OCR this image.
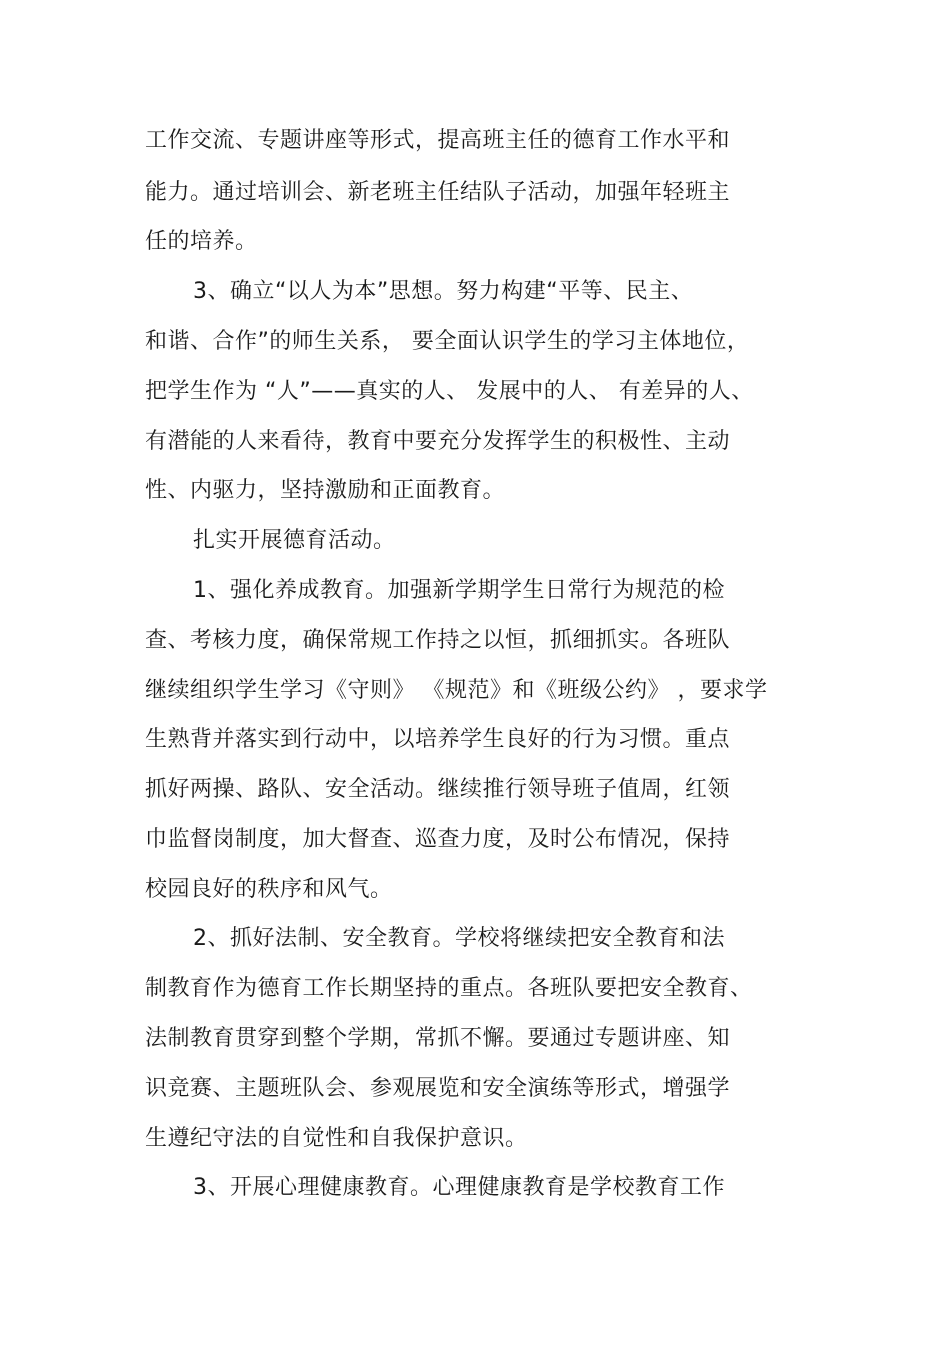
工作交流、专题讲座等形式，提高班主任的德育工作水平和
能力。通过培训会、新老班主任结队子活动，加强年轻班主
任的培养。
3、确立“以人为本”思想。努力构建“平等、民主、
和谐、合作”的师生关系， 要全面认识学生的学习主体地位，
把学生作为 “人”——真实的人、 发展中的人、 有差异的人、
有潜能的人来看待，教育中要充分发挥学生的积极性、主动
性、内驱力，坚持激励和正面教育。
扎实开展德育活动。
1、强化养成教育。加强新学期学生日常行为规范的检
查、考核力度，确保常规工作持之以恒，抓细抓实。各班队
继续组织学生学习《守则》 《规范》和《班级公约》 ，要求学
生熟背并落实到行动中，以培养学生良好的行为习惯。重点
抓好两操、路队、安全活动。继续推行领导班子值周，红领
巾监督岗制度，加大督查、巡查力度，及时公布情况，保持
校园良好的秩序和风气。
2、抓好法制、安全教育。学校将继续把安全教育和法
制教育作为德育工作长期坚持的重点。各班队要把安全教育、
法制教育贯穿到整个学期，常抓不懈。要通过专题讲座、知
识竞赛、主题班队会、参观展览和安全演练等形式，增强学
生遵纪守法的自觉性和自我保护意识。
3、开展心理健康教育。心理健康教育是学校教育工作
